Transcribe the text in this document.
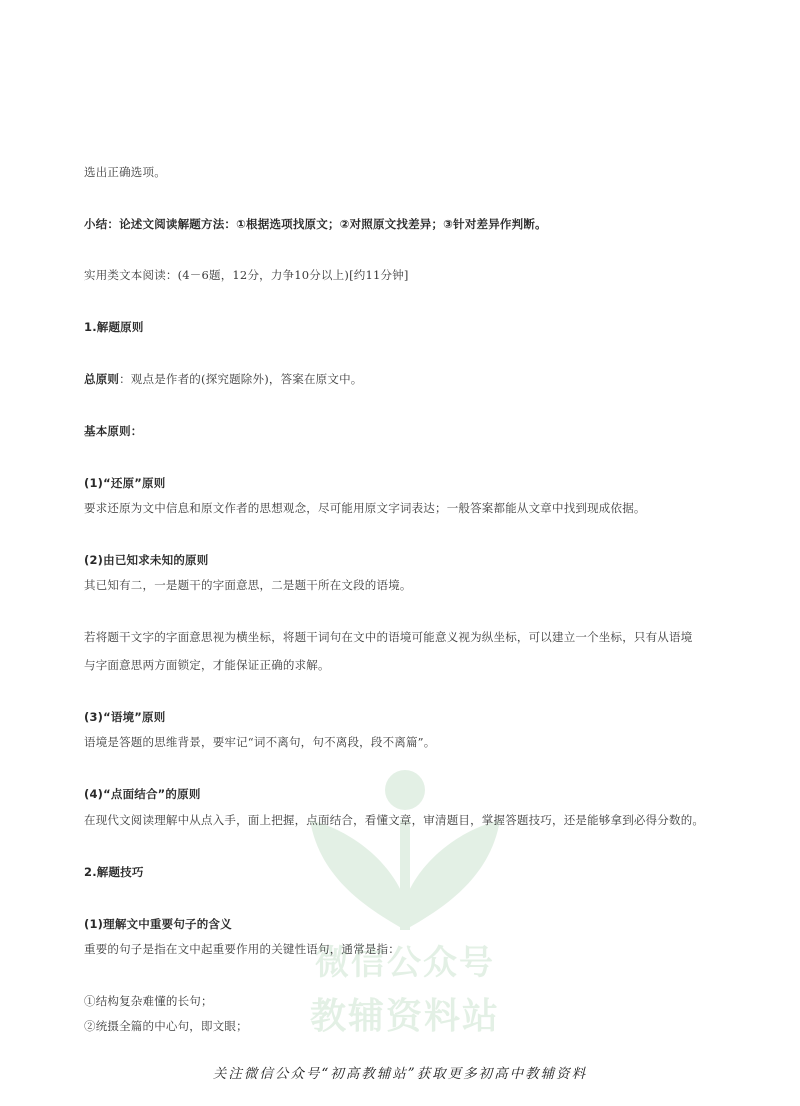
微信公众号
教辅资料站

选出正确选项。

小结：论述文阅读解题方法：①根据选项找原文；②对照原文找差异；③针对差异作判断。

实用类文本阅读：(4－6题，12分，力争10分以上)[约11分钟]

1.解题原则

总原则：观点是作者的(探究题除外)，答案在原文中。

基本原则：

(1)“还原”原则

要求还原为文中信息和原文作者的思想观念，尽可能用原文字词表达；一般答案都能从文章中找到现成依据。

(2)由已知求未知的原则

其已知有二，一是题干的字面意思，二是题干所在文段的语境。

若将题干文字的字面意思视为横坐标，将题干词句在文中的语境可能意义视为纵坐标，可以建立一个坐标，只有从语境

与字面意思两方面锁定，才能保证正确的求解。

(3)“语境”原则

语境是答题的思维背景，要牢记“词不离句，句不离段，段不离篇”。

(4)“点面结合”的原则

在现代文阅读理解中从点入手，面上把握，点面结合，看懂文章，审清题目，掌握答题技巧，还是能够拿到必得分数的。

2.解题技巧

(1)理解文中重要句子的含义

重要的句子是指在文中起重要作用的关键性语句，通常是指：

①结构复杂难懂的长句；

②统摄全篇的中心句，即文眼；

关注微信公众号“初高教辅站”获取更多初高中教辅资料
